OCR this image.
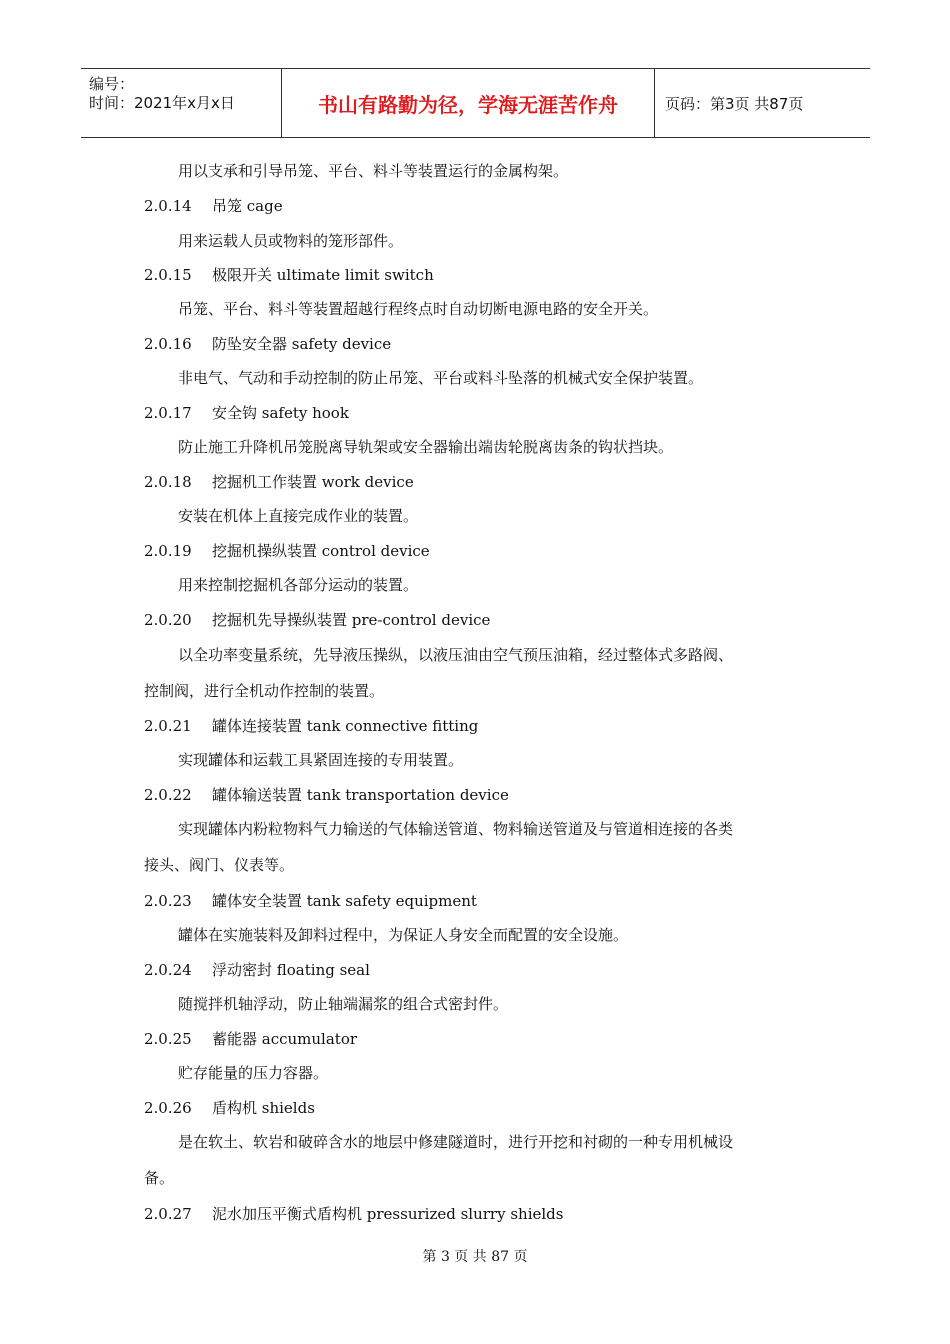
编号：
时间：2021年x月x日	书山有路勤为径，学海无涯苦作舟	页码：第3页 共87页
用以支承和引导吊笼、平台、料斗等装置运行的金属构架。
2.0.14 吊笼 cage
用来运载人员或物料的笼形部件。
2.0.15 极限开关 ultimate limit switch
吊笼、平台、料斗等装置超越行程终点时自动切断电源电路的安全开关。
2.0.16 防坠安全器 safety device
非电气、气动和手动控制的防止吊笼、平台或料斗坠落的机械式安全保护装置。
2.0.17 安全钩 safety hook
防止施工升降机吊笼脱离导轨架或安全器输出端齿轮脱离齿条的钩状挡块。
2.0.18 挖掘机工作装置 work device
安装在机体上直接完成作业的装置。
2.0.19 挖掘机操纵装置 control device
用来控制挖掘机各部分运动的装置。
2.0.20 挖掘机先导操纵装置 pre-control device
以全功率变量系统，先导液压操纵，以液压油由空气预压油箱，经过整体式多路阀、
控制阀，进行全机动作控制的装置。
2.0.21 罐体连接装置 tank connective fitting
实现罐体和运载工具紧固连接的专用装置。
2.0.22 罐体输送装置 tank transportation device
实现罐体内粉粒物料气力输送的气体输送管道、物料输送管道及与管道相连接的各类
接头、阀门、仪表等。
2.0.23 罐体安全装置 tank safety equipment
罐体在实施装料及卸料过程中，为保证人身安全而配置的安全设施。
2.0.24 浮动密封 floating seal
随搅拌机轴浮动，防止轴端漏浆的组合式密封件。
2.0.25 蓄能器 accumulator
贮存能量的压力容器。
2.0.26 盾构机 shields
是在软土、软岩和破碎含水的地层中修建隧道时，进行开挖和衬砌的一种专用机械设
备。
2.0.27 泥水加压平衡式盾构机 pressurized slurry shields
第 3 页 共 87 页
